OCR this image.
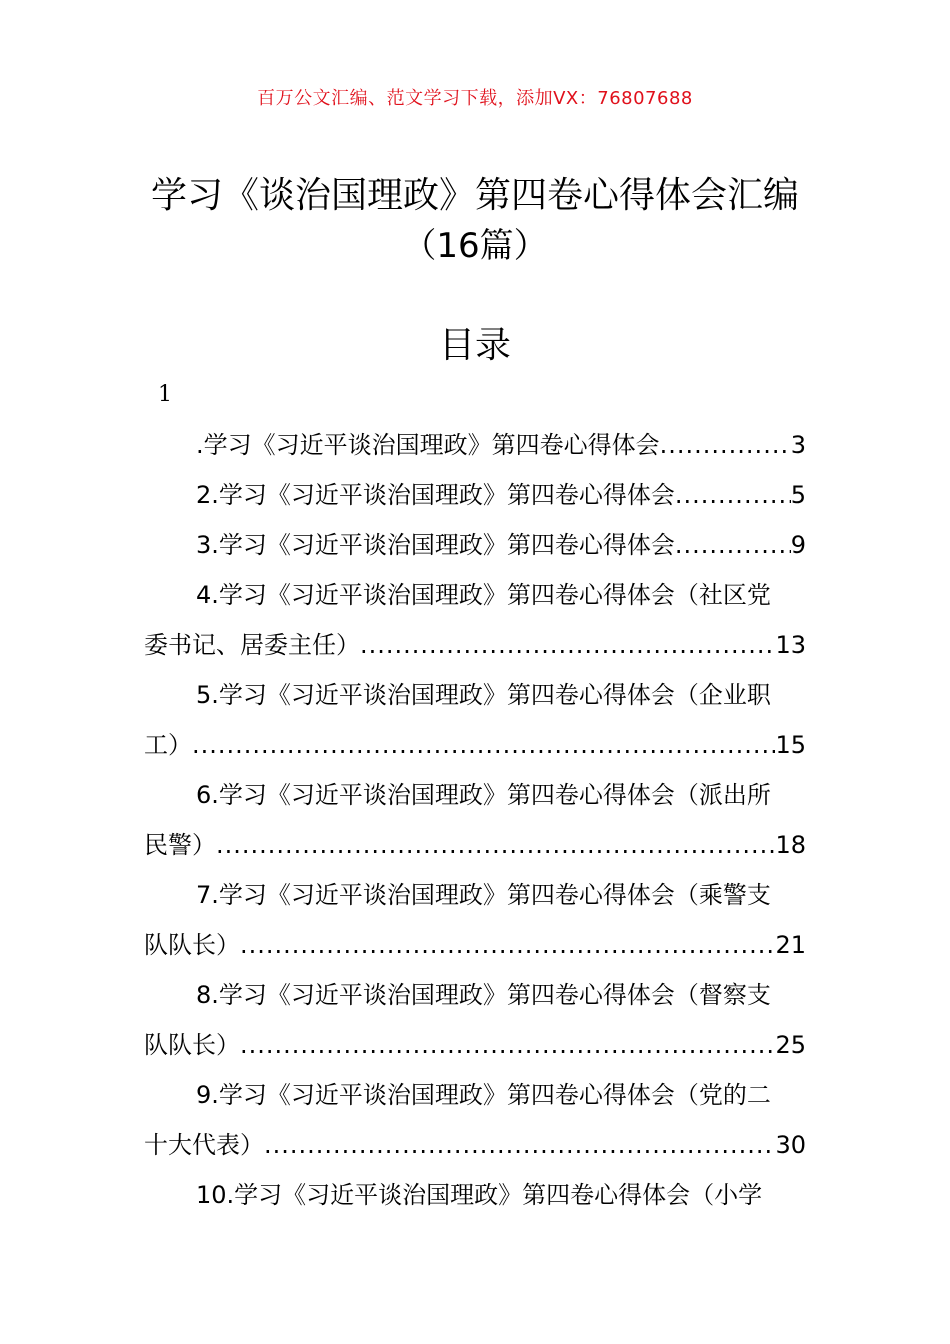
百万公文汇编、范文学习下载，添加VX：76807688
学习《谈治国理政》第四卷心得体会汇编
（16篇）
目录
1
.学习《习近平谈治国理政》第四卷心得体会 .....	3
2.学习《习近平谈治国理政》第四卷心得体会 .....	5
3.学习《习近平谈治国理政》第四卷心得体会 .....	9
4.学习《习近平谈治国理政》第四卷心得体会（社区党
委书记、居委主任） .....	13
5.学习《习近平谈治国理政》第四卷心得体会（企业职
工） .....	15
6.学习《习近平谈治国理政》第四卷心得体会（派出所
民警） .....	18
7.学习《习近平谈治国理政》第四卷心得体会（乘警支
队队长） .....	21
8.学习《习近平谈治国理政》第四卷心得体会（督察支
队队长） .....	25
9.学习《习近平谈治国理政》第四卷心得体会（党的二
十大代表） .....	30
10.学习《习近平谈治国理政》第四卷心得体会（小学
